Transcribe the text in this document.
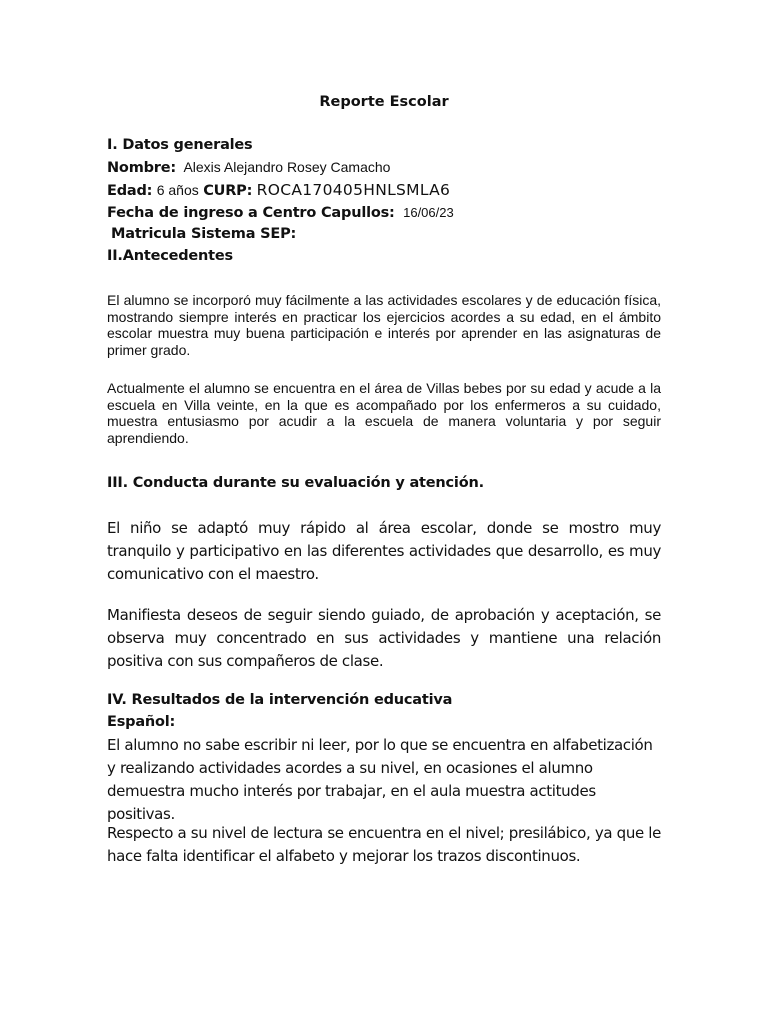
Reporte Escolar
I. Datos generales
Nombre: Alexis Alejandro Rosey Camacho
Edad: 6 años CURP: ROCA170405HNLSMLA6
Fecha de ingreso a Centro Capullos: 16/06/23
Matricula Sistema SEP:
II.Antecedentes
El alumno se incorporó muy fácilmente a las actividades escolares y de educación física, mostrando siempre interés en practicar los ejercicios acordes a su edad, en el ámbito escolar muestra muy buena participación e interés por aprender en las asignaturas de primer grado.
Actualmente el alumno se encuentra en el área de Villas bebes por su edad y acude a la escuela en Villa veinte, en la que es acompañado por los enfermeros a su cuidado, muestra entusiasmo por acudir a la escuela de manera voluntaria y por seguir aprendiendo.
III. Conducta durante su evaluación y atención.
El niño se adaptó muy rápido al área escolar, donde se mostro muy tranquilo y participativo en las diferentes actividades que desarrollo, es muy comunicativo con el maestro.
Manifiesta deseos de seguir siendo guiado, de aprobación y aceptación, se observa muy concentrado en sus actividades y mantiene una relación positiva con sus compañeros de clase.
IV. Resultados de la intervención educativa
Español:
El alumno no sabe escribir ni leer, por lo que se encuentra en alfabetización y realizando actividades acordes a su nivel, en ocasiones el alumno demuestra mucho interés por trabajar, en el aula muestra actitudes positivas.
Respecto a su nivel de lectura se encuentra en el nivel; presilábico, ya que le hace falta identificar el alfabeto y mejorar los trazos discontinuos.
